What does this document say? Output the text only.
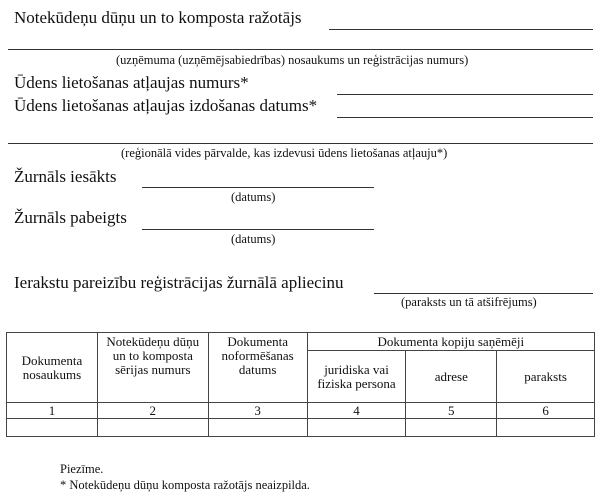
Notekūdeņu dūņu un to komposta ražotājs
(uzņēmuma (uzņēmējsabiedrības) nosaukums un reģistrācijas numurs)
Ūdens lietošanas atļaujas numurs*
Ūdens lietošanas atļaujas izdošanas datums*
(reģionālā vides pārvalde, kas izdevusi ūdens lietošanas atļauju*)
Žurnāls iesākts
(datums)
Žurnāls pabeigts
(datums)
Ierakstu pareizību reģistrācijas žurnālā apliecinu
(paraksts un tā atšifrējums)
Dokumenta nosaukums	Notekūdeņu dūņu un to komposta sērijas numurs	Dokumenta noformēšanas datums	Dokumenta kopiju saņēmēji		
			juridiska vai fiziska persona	adrese	paraksts
1	2	3	4	5	6

Piezīme.
* Notekūdeņu dūņu komposta ražotājs neaizpilda.
